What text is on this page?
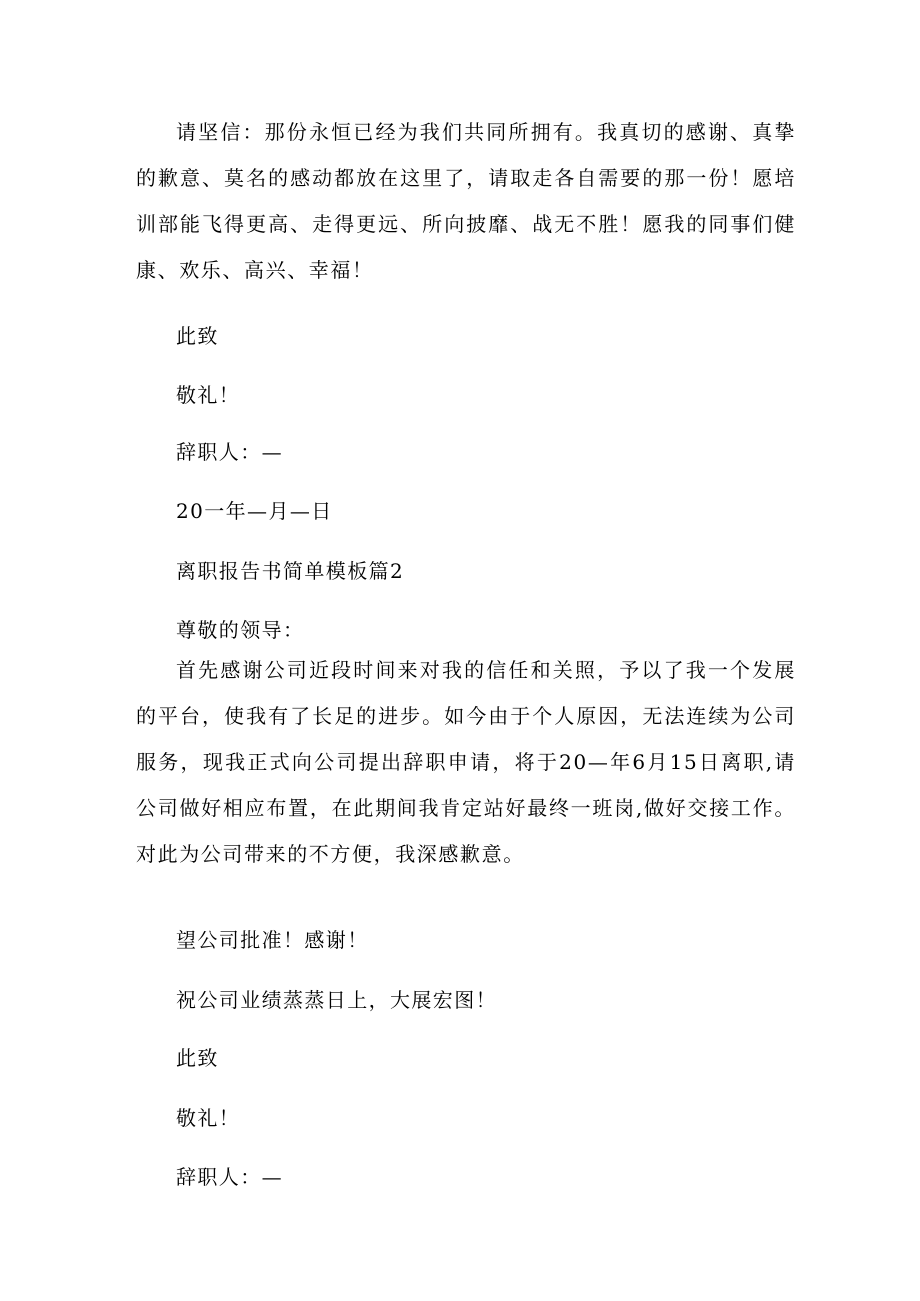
请坚信：那份永恒已经为我们共同所拥有。我真切的感谢、真挚的歉意、莫名的感动都放在这里了，请取走各自需要的那一份！愿培训部能飞得更高、走得更远、所向披靡、战无不胜！愿我的同事们健康、欢乐、高兴、幸福！
此致
敬礼！
辞职人：—
20一年—月—日
离职报告书简单模板篇2
尊敬的领导：
首先感谢公司近段时间来对我的信任和关照，予以了我一个发展的平台，使我有了长足的进步。如今由于个人原因，无法连续为公司服务，现我正式向公司提出辞职申请，将于20—年6月15日离职,请公司做好相应布置，在此期间我肯定站好最终一班岗,做好交接工作。对此为公司带来的不方便，我深感歉意。
望公司批准！感谢！
祝公司业绩蒸蒸日上，大展宏图！
此致
敬礼！
辞职人：—
